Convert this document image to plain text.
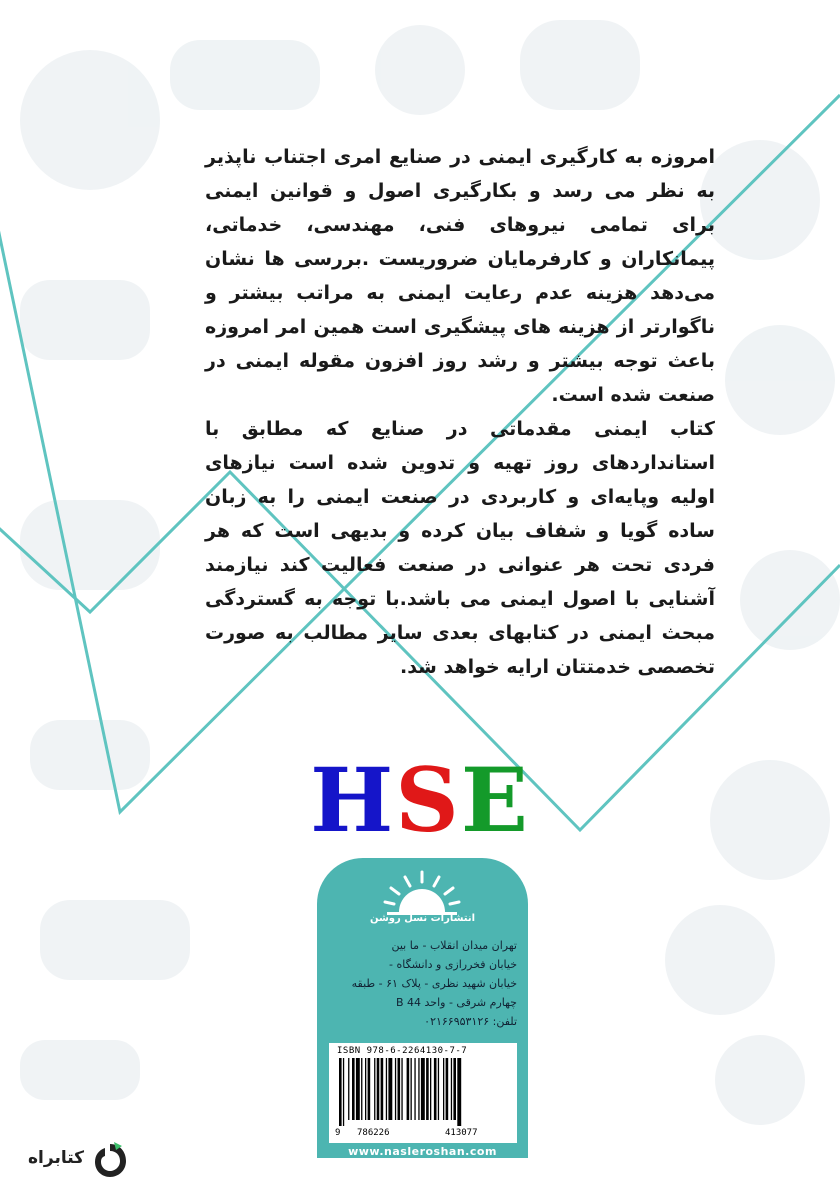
امروزه به کارگیری ایمنی در صنایع امری اجتناب ناپذیر به نظر می رسد و بکارگیری اصول و قوانین ایمنی برای تمامی نیروهای فنی، مهندسی، خدماتی، پیمانکاران و کارفرمایان ضروریست .بررسی ها نشان می‌دهد هزینه عدم رعایت ایمنی به مراتب بیشتر و ناگوارتر از هزینه های پیشگیری است همین امر امروزه باعث توجه بیشتر و رشد روز افزون مقوله ایمنی در صنعت شده است.

کتاب ایمنی مقدماتی در صنایع که مطابق با استانداردهای روز تهیه و تدوین شده است نیازهای اولیه وپایه‌ای و کاربردی در صنعت ایمنی را به زبان ساده گویا و شفاف بیان کرده و بدیهی است که هر فردی تحت هر عنوانی در صنعت فعالیت کند نیازمند آشنایی با اصول ایمنی می باشد.با توجه به گستردگی مبحث ایمنی در کتابهای بعدی سایر مطالب به صورت تخصصی خدمتتان ارایه خواهد شد.

HSE
انتشارات نسل روشن
تهران میدان انقلاب - ما بین
خیابان فخررازی و دانشگاه -
خیابان شهید نظری - پلاک ۶۱ - طبقه
چهارم شرقی - واحد 44 B
تلفن: ۰۲۱۶۶۹۵۳۱۲۶
ISBN 978-6-2264130-7-7
9 786226	413077
www.nasleroshan.com
کتابراه
